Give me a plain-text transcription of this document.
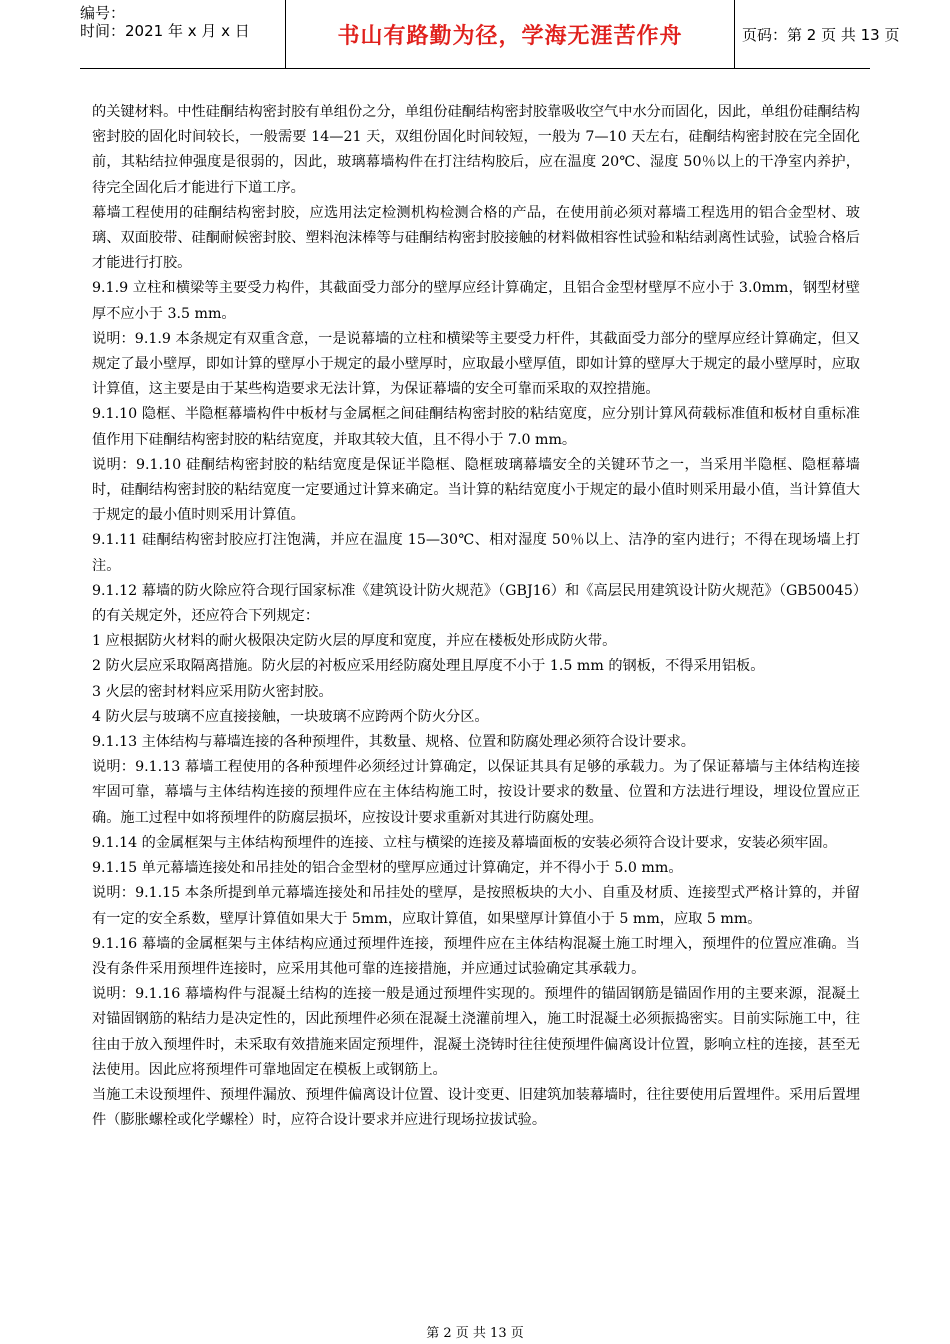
编号：
时间：2021 年 x 月 x 日	书山有路勤为径，学海无涯苦作舟	页码：第 2 页 共 13 页

的关键材料。中性硅酮结构密封胶有单组份之分，单组份硅酮结构密封胶靠吸收空气中水分而固化，因此，单组份硅酮结构密封胶的固化时间较长，一般需要 14—21 天，双组份固化时间较短，一般为 7—10 天左右，硅酮结构密封胶在完全固化前，其粘结拉伸强度是很弱的，因此，玻璃幕墙构件在打注结构胶后，应在温度 20℃、湿度 50％以上的干净室内养护，待完全固化后才能进行下道工序。

幕墙工程使用的硅酮结构密封胶，应选用法定检测机构检测合格的产品，在使用前必须对幕墙工程选用的铝合金型材、玻璃、双面胶带、硅酮耐候密封胶、塑料泡沫棒等与硅酮结构密封胶接触的材料做相容性试验和粘结剥离性试验，试验合格后才能进行打胶。

9.1.9 立柱和横梁等主要受力构件，其截面受力部分的壁厚应经计算确定，且铝合金型材壁厚不应小于 3.0mm，钢型材壁厚不应小于 3.5 mm。

说明：9.1.9 本条规定有双重含意，一是说幕墙的立柱和横梁等主要受力杆件，其截面受力部分的壁厚应经计算确定，但又规定了最小壁厚，即如计算的壁厚小于规定的最小壁厚时，应取最小壁厚值，即如计算的壁厚大于规定的最小壁厚时，应取计算值，这主要是由于某些构造要求无法计算，为保证幕墙的安全可靠而采取的双控措施。

9.1.10 隐框、半隐框幕墙构件中板材与金属框之间硅酮结构密封胶的粘结宽度，应分别计算风荷载标准值和板材自重标准值作用下硅酮结构密封胶的粘结宽度，并取其较大值，且不得小于 7.0 mm。

说明：9.1.10 硅酮结构密封胶的粘结宽度是保证半隐框、隐框玻璃幕墙安全的关键环节之一，当采用半隐框、隐框幕墙时，硅酮结构密封胶的粘结宽度一定要通过计算来确定。当计算的粘结宽度小于规定的最小值时则采用最小值，当计算值大于规定的最小值时则采用计算值。

9.1.11 硅酮结构密封胶应打注饱满，并应在温度 15—30℃、相对湿度 50％以上、洁净的室内进行；不得在现场墙上打注。

9.1.12 幕墙的防火除应符合现行国家标准《建筑设计防火规范》（GBJ16）和《高层民用建筑设计防火规范》（GB50045）的有关规定外，还应符合下列规定：

1 应根据防火材料的耐火极限决定防火层的厚度和宽度，并应在楼板处形成防火带。

2 防火层应采取隔离措施。防火层的衬板应采用经防腐处理且厚度不小于 1.5 mm 的钢板，不得采用铝板。

3 火层的密封材料应采用防火密封胶。

4 防火层与玻璃不应直接接触，一块玻璃不应跨两个防火分区。

9.1.13 主体结构与幕墙连接的各种预埋件，其数量、规格、位置和防腐处理必须符合设计要求。

说明：9.1.13 幕墙工程使用的各种预埋件必须经过计算确定，以保证其具有足够的承载力。为了保证幕墙与主体结构连接牢固可靠，幕墙与主体结构连接的预埋件应在主体结构施工时，按设计要求的数量、位置和方法进行埋设，埋设位置应正确。施工过程中如将预埋件的防腐层损坏，应按设计要求重新对其进行防腐处理。

9.1.14 的金属框架与主体结构预埋件的连接、立柱与横梁的连接及幕墙面板的安装必须符合设计要求，安装必须牢固。

9.1.15 单元幕墙连接处和吊挂处的铝合金型材的壁厚应通过计算确定，并不得小于 5.0 mm。

说明：9.1.15 本条所提到单元幕墙连接处和吊挂处的壁厚，是按照板块的大小、自重及材质、连接型式严格计算的，并留有一定的安全系数，壁厚计算值如果大于 5mm，应取计算值，如果壁厚计算值小于 5 mm，应取 5 mm。

9.1.16 幕墙的金属框架与主体结构应通过预埋件连接，预埋件应在主体结构混凝土施工时埋入，预埋件的位置应准确。当没有条件采用预埋件连接时，应采用其他可靠的连接措施，并应通过试验确定其承载力。

说明：9.1.16 幕墙构件与混凝土结构的连接一般是通过预埋件实现的。预埋件的锚固钢筋是锚固作用的主要来源，混凝土对锚固钢筋的粘结力是决定性的，因此预埋件必须在混凝土浇灌前埋入，施工时混凝土必须振捣密实。目前实际施工中，往往由于放入预埋件时，未采取有效措施来固定预埋件，混凝土浇铸时往往使预埋件偏离设计位置，影响立柱的连接，甚至无法使用。因此应将预埋件可靠地固定在模板上或钢筋上。

当施工未设预埋件、预埋件漏放、预埋件偏离设计位置、设计变更、旧建筑加装幕墙时，往往要使用后置埋件。采用后置埋件（膨胀螺栓或化学螺栓）时，应符合设计要求并应进行现场拉拔试验。

第 2 页 共 13 页
